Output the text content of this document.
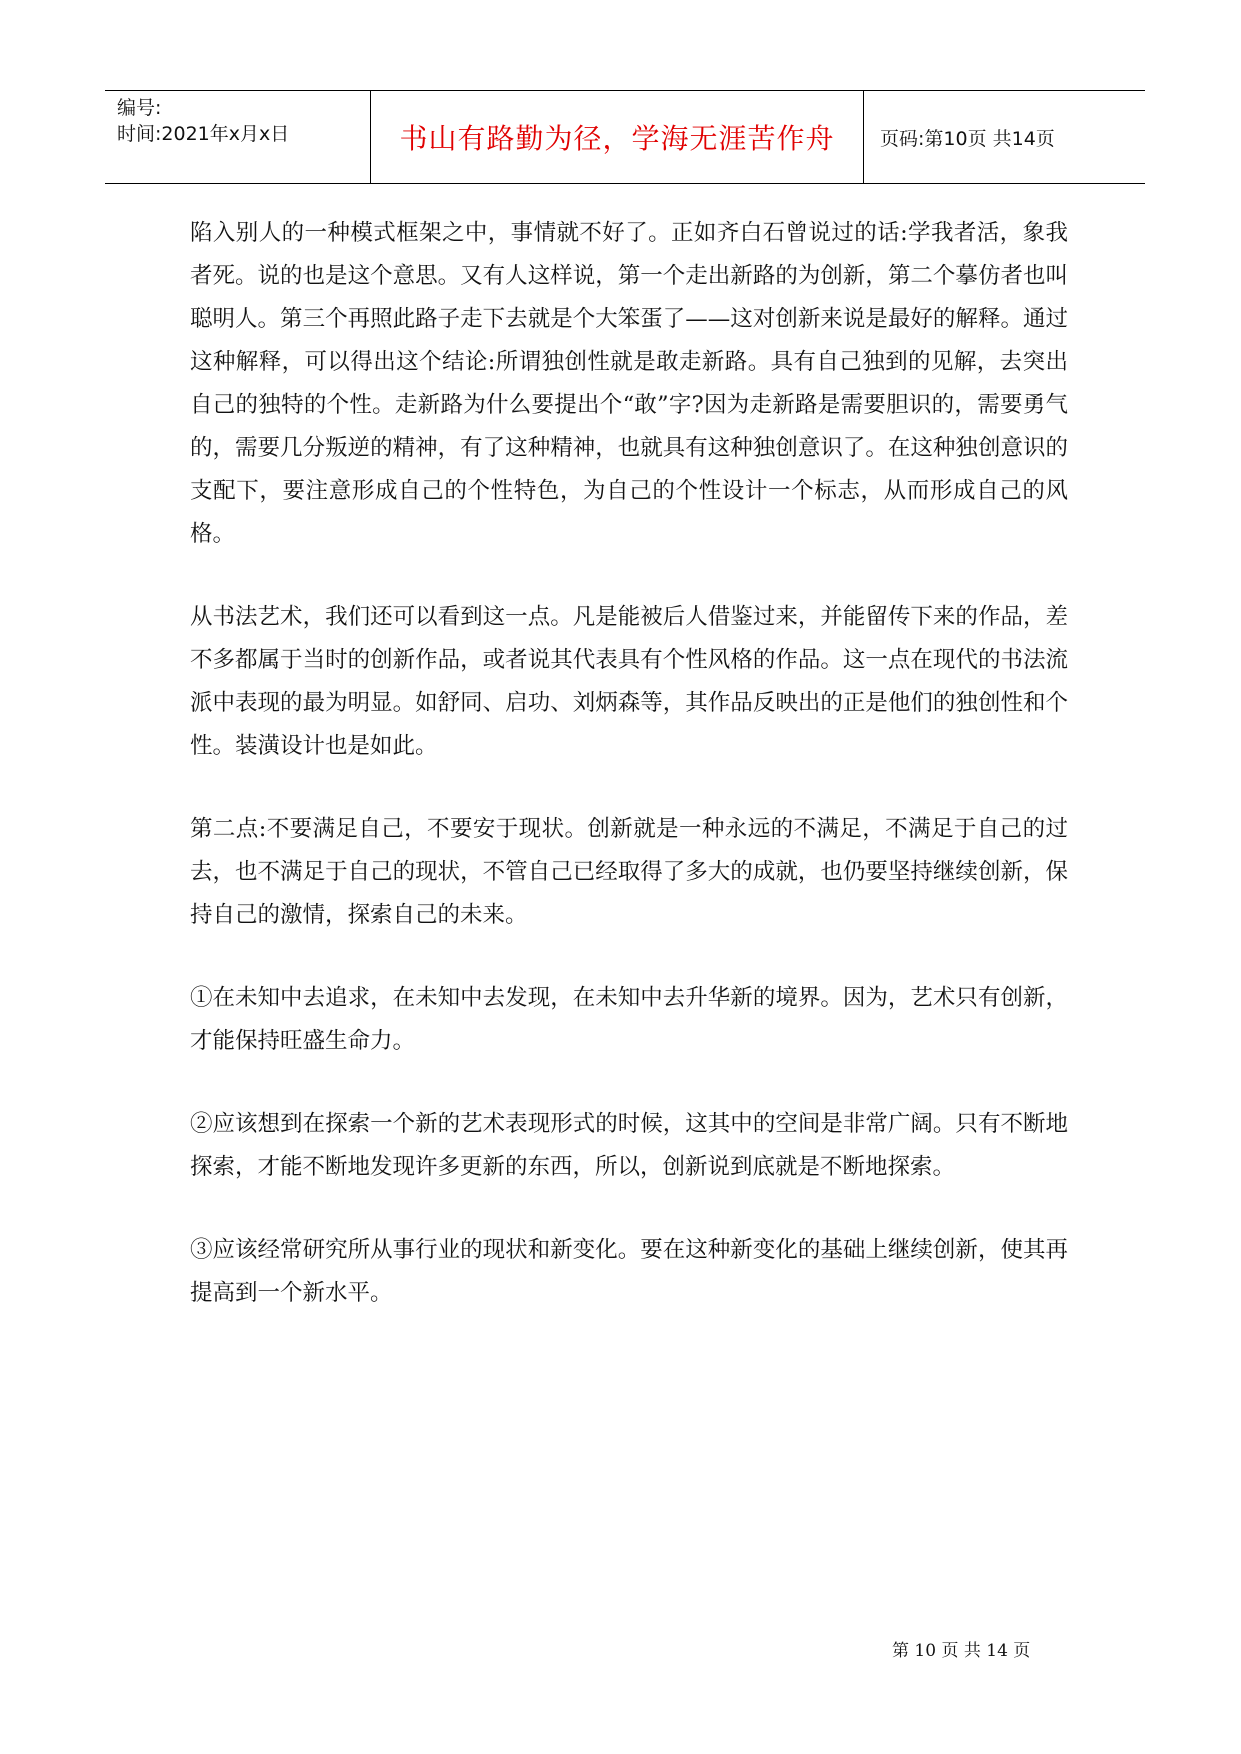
编号:
时间:2021年x月x日	书山有路勤为径，学海无涯苦作舟	页码:第10页 共14页

陷入别人的一种模式框架之中，事情就不好了。正如齐白石曾说过的话:学我者活，象我者死。说的也是这个意思。又有人这样说，第一个走出新路的为创新，第二个摹仿者也叫聪明人。第三个再照此路子走下去就是个大笨蛋了——这对创新来说是最好的解释。通过这种解释，可以得出这个结论:所谓独创性就是敢走新路。具有自己独到的见解，去突出自己的独特的个性。走新路为什么要提出个“敢”字?因为走新路是需要胆识的，需要勇气的，需要几分叛逆的精神，有了这种精神，也就具有这种独创意识了。在这种独创意识的支配下，要注意形成自己的个性特色，为自己的个性设计一个标志，从而形成自己的风格。

从书法艺术，我们还可以看到这一点。凡是能被后人借鉴过来，并能留传下来的作品，差不多都属于当时的创新作品，或者说其代表具有个性风格的作品。这一点在现代的书法流派中表现的最为明显。如舒同、启功、刘炳森等，其作品反映出的正是他们的独创性和个性。装潢设计也是如此。

第二点:不要满足自己，不要安于现状。创新就是一种永远的不满足，不满足于自己的过去，也不满足于自己的现状，不管自己已经取得了多大的成就，也仍要坚持继续创新，保持自己的激情，探索自己的未来。

①在未知中去追求，在未知中去发现，在未知中去升华新的境界。因为，艺术只有创新，才能保持旺盛生命力。

②应该想到在探索一个新的艺术表现形式的时候，这其中的空间是非常广阔。只有不断地探索，才能不断地发现许多更新的东西，所以，创新说到底就是不断地探索。

③应该经常研究所从事行业的现状和新变化。要在这种新变化的基础上继续创新，使其再提高到一个新水平。

第 10 页 共 14 页
